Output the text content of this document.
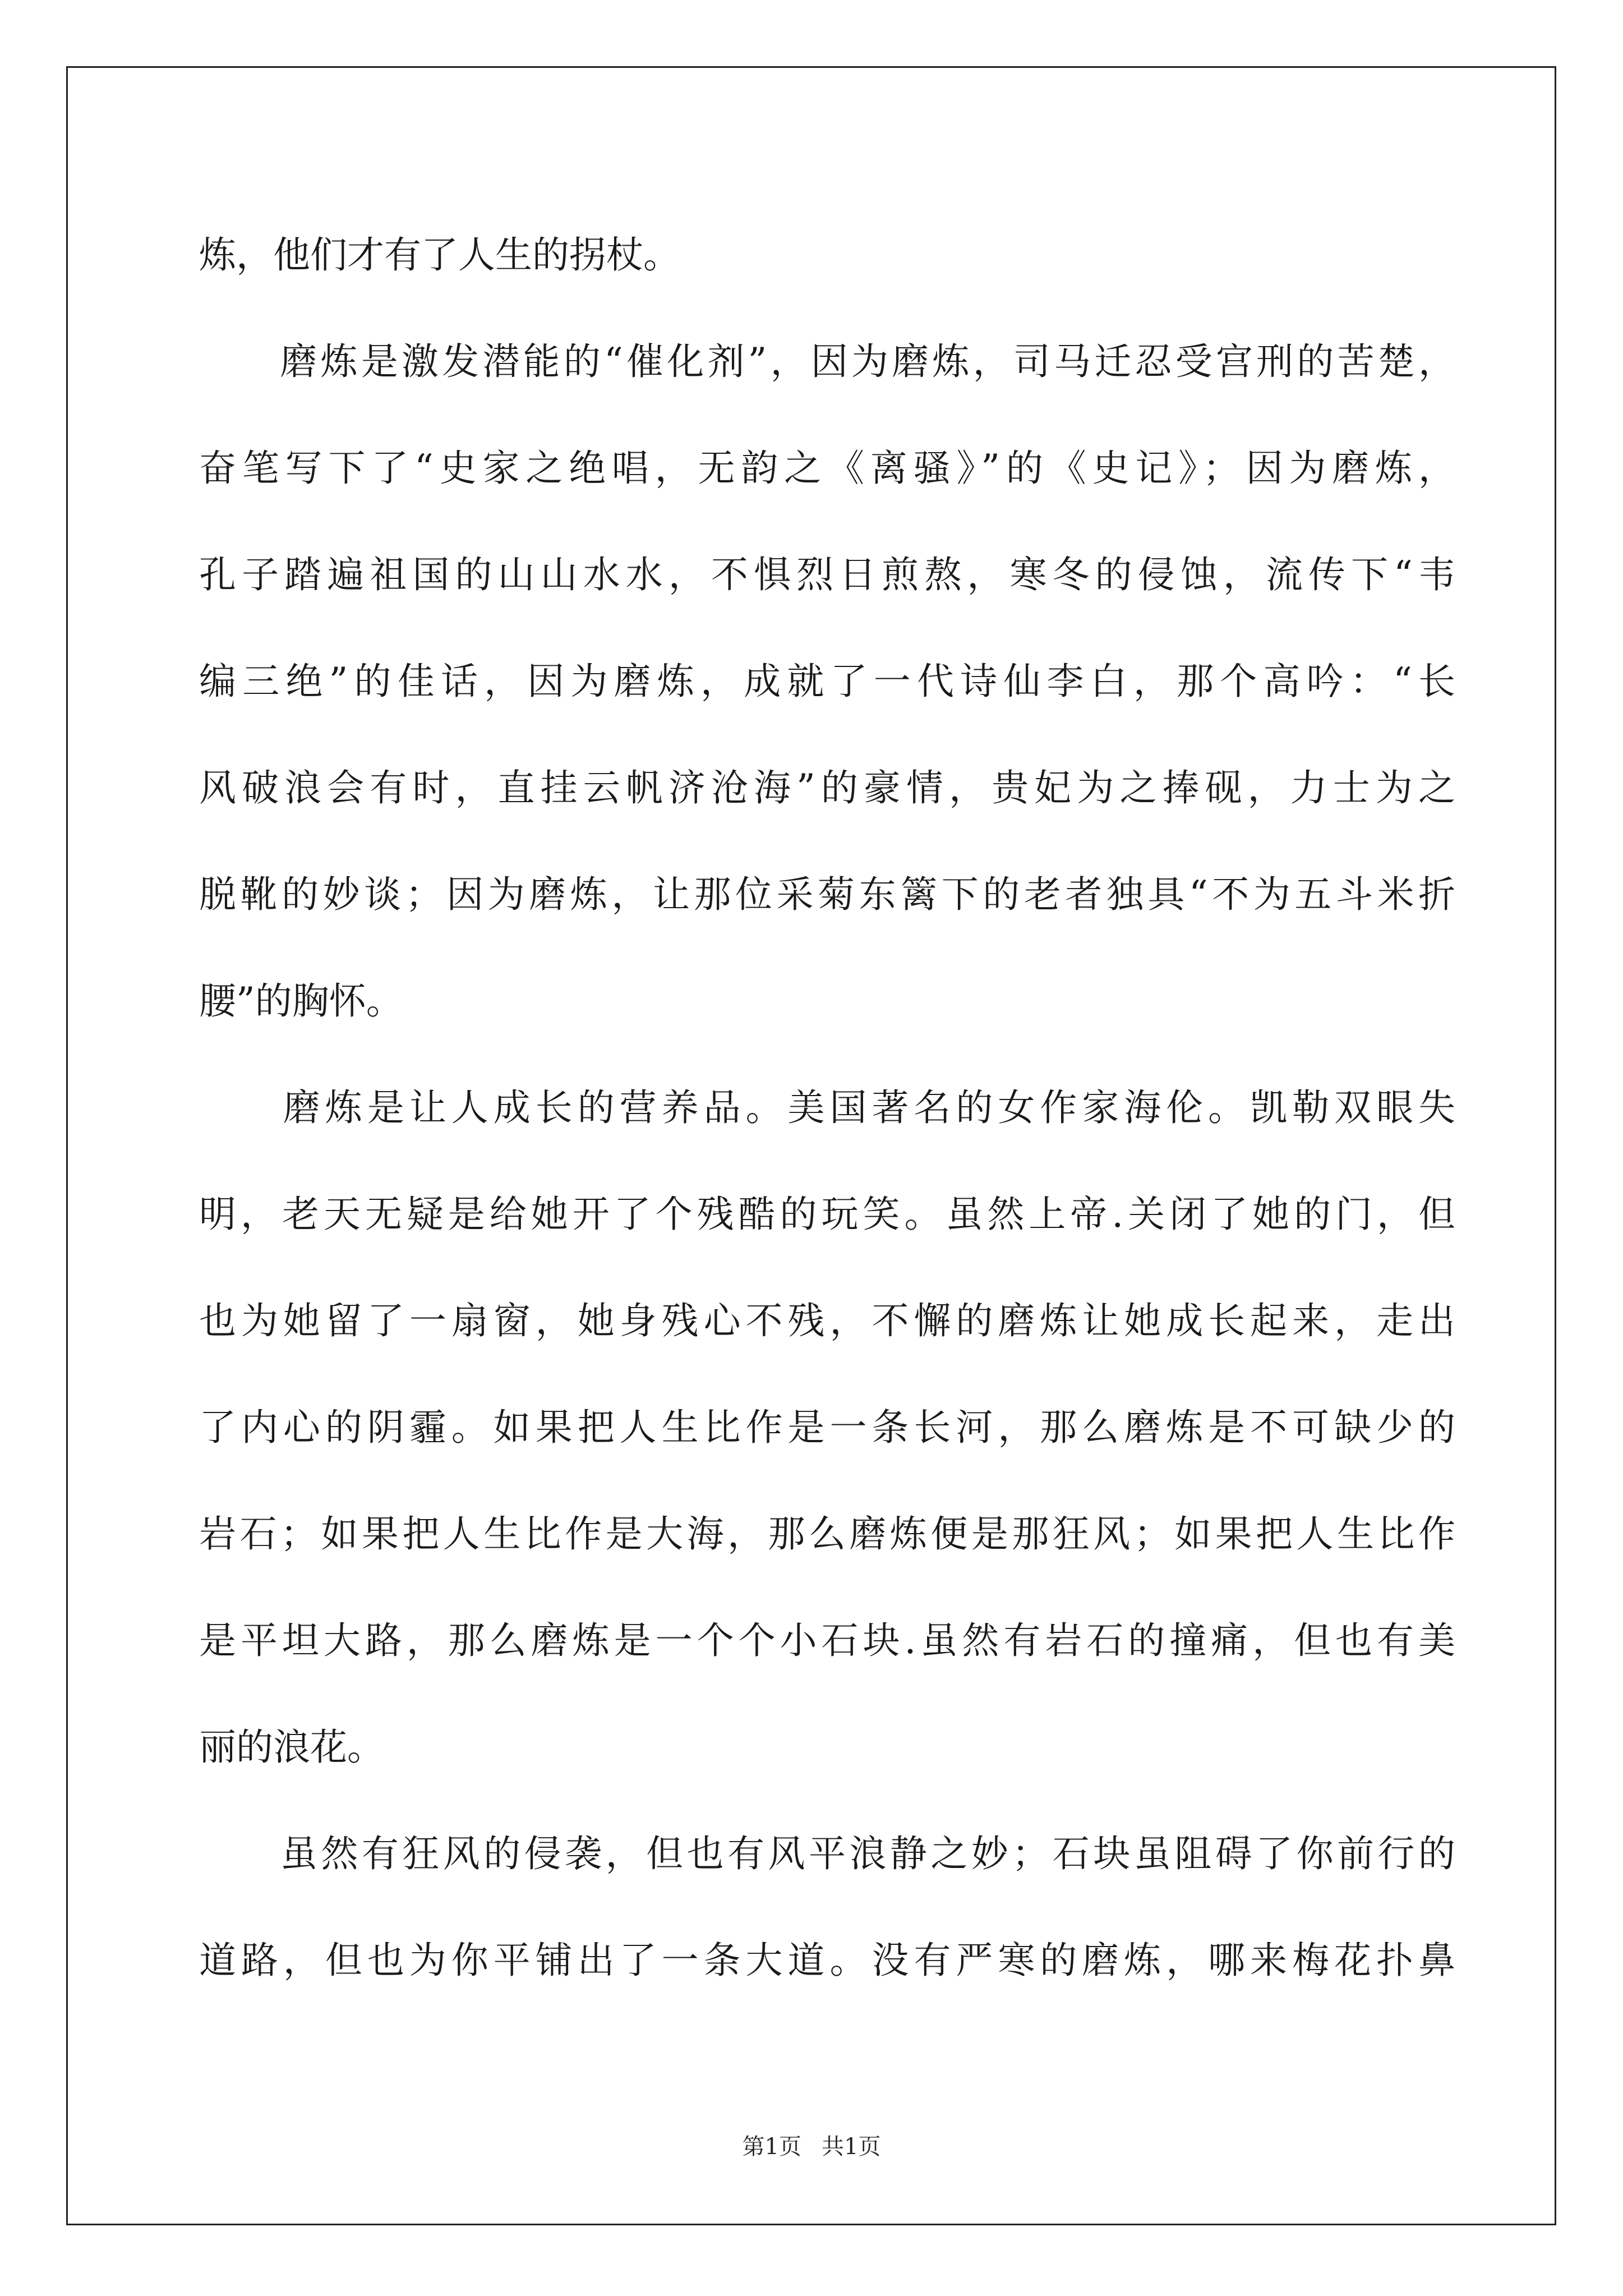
炼，他们才有了人生的拐杖。
　　磨炼是激发潜能的“催化剂”，因为磨炼，司马迁忍受宫刑的苦楚，
奋笔写下了“史家之绝唱，无韵之《离骚》”的《史记》；因为磨炼，
孔子踏遍祖国的山山水水，不惧烈日煎熬，寒冬的侵蚀，流传下“韦
编三绝”的佳话，因为磨炼，成就了一代诗仙李白，那个高吟：“长
风破浪会有时，直挂云帆济沧海”的豪情，贵妃为之捧砚，力士为之
脱靴的妙谈；因为磨炼，让那位采菊东篱下的老者独具“不为五斗米折
腰”的胸怀。
　　磨炼是让人成长的营养品。美国著名的女作家海伦。凯勒双眼失
明，老天无疑是给她开了个残酷的玩笑。虽然上帝.关闭了她的门，但
也为她留了一扇窗，她身残心不残，不懈的磨炼让她成长起来，走出
了内心的阴霾。如果把人生比作是一条长河，那么磨炼是不可缺少的
岩石；如果把人生比作是大海，那么磨炼便是那狂风；如果把人生比作
是平坦大路，那么磨炼是一个个小石块.虽然有岩石的撞痛，但也有美
丽的浪花。
　　虽然有狂风的侵袭，但也有风平浪静之妙；石块虽阻碍了你前行的
道路，但也为你平铺出了一条大道。没有严寒的磨炼，哪来梅花扑鼻
第1页 共1页
